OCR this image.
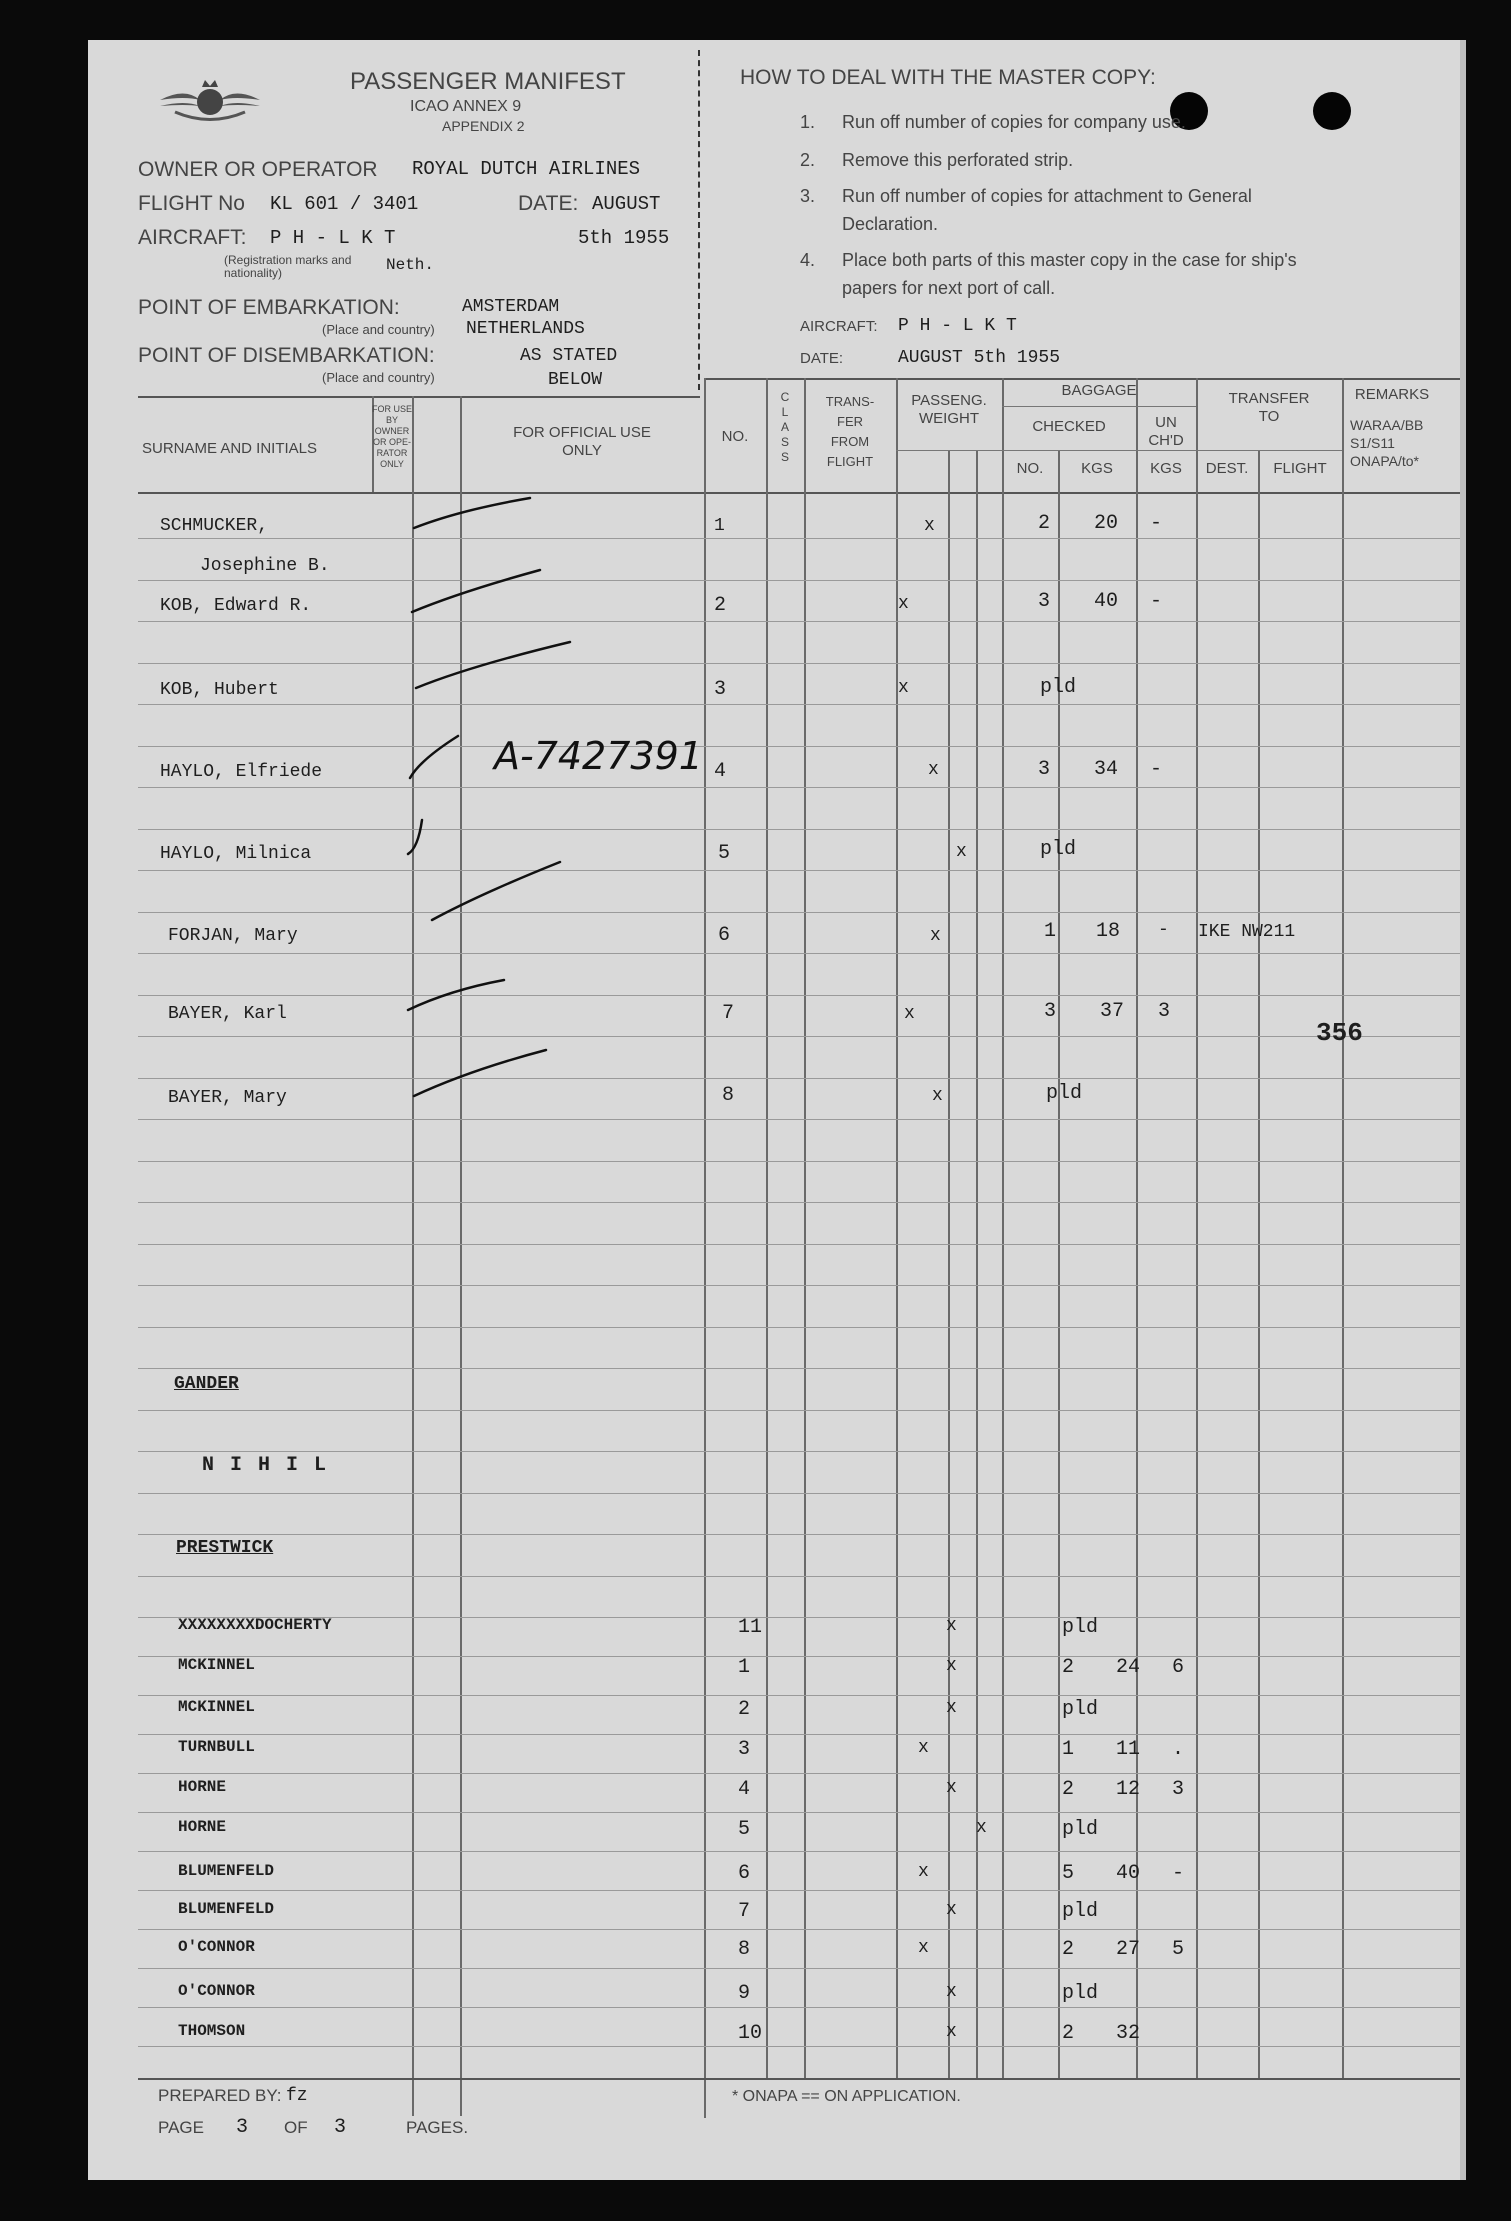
PASSENGER MANIFEST
ICAO ANNEX 9
APPENDIX 2
OWNER OR OPERATOR ROYAL DUTCH AIRLINES
FLIGHT No KL 601 / 3401	DATE: AUGUST
AIRCRAFT: P H - L K T	5th 1955
(Registration marks and nationality)	Neth.
POINT OF EMBARKATION:	AMSTERDAM
(Place and country) NETHERLANDS
POINT OF DISEMBARKATION:	AS STATED
(Place and country)	BELOW
HOW TO DEAL WITH THE MASTER COPY:
1. Run off number of copies for company use.
2. Remove this perforated strip.
3. Run off number of copies for attachment to General
Declaration.
4. Place both parts of this master copy in the case for ship's
papers for next port of call.
AIRCRAFT: P H - L K T
DATE:	AUGUST 5th 1955
SURNAME AND INITIALS
FOR USE
BY
OWNER
OR OPE-
RATOR
ONLY
FOR OFFICIAL USE
ONLY
NO.
C
L
A
S
S
TRANS-
FER
FROM
FLIGHT
PASSENG.
WEIGHT
BAGGAGE
CHECKED	UN
CH'D
NO.	KGS	KGS
TRANSFER
TO
DEST.	FLIGHT
REMARKS
WARAA/BB
S1/S11
ONAPA/to*
SCHMUCKER,	1	x	2 20 -
Josephine B.
KOB, Edward R.	2	x	3 40 -
KOB, Hubert	3	x	pld
HAYLO, Elfriede	4	x	3 34 -
HAYLO, Milnica	5	x	pld
FORJAN, Mary	6	x	1 18 - IKE NW211
BAYER, Karl	7	x	3 37 3
BAYER, Mary	8	x	pld
A-7427391
356
GANDER
N I H I L
PRESTWICK
XXXXXXXXDOCHERTY	11	x	pld
MCKINNEL	1	x	2 24 6
MCKINNEL	2	x	pld
TURNBULL	3	x	1 11 .
HORNE	4	x	2 12 3
HORNE	5	x	pld
BLUMENFELD	6	x	5 40 -
BLUMENFELD	7	x	pld
O'CONNOR	8	x	2 27 5
O'CONNOR	9	x	pld
THOMSON	10	x	2 32
PREPARED BY: fz
PAGE 3 OF 3	PAGES.
* ONAPA == ON APPLICATION.
